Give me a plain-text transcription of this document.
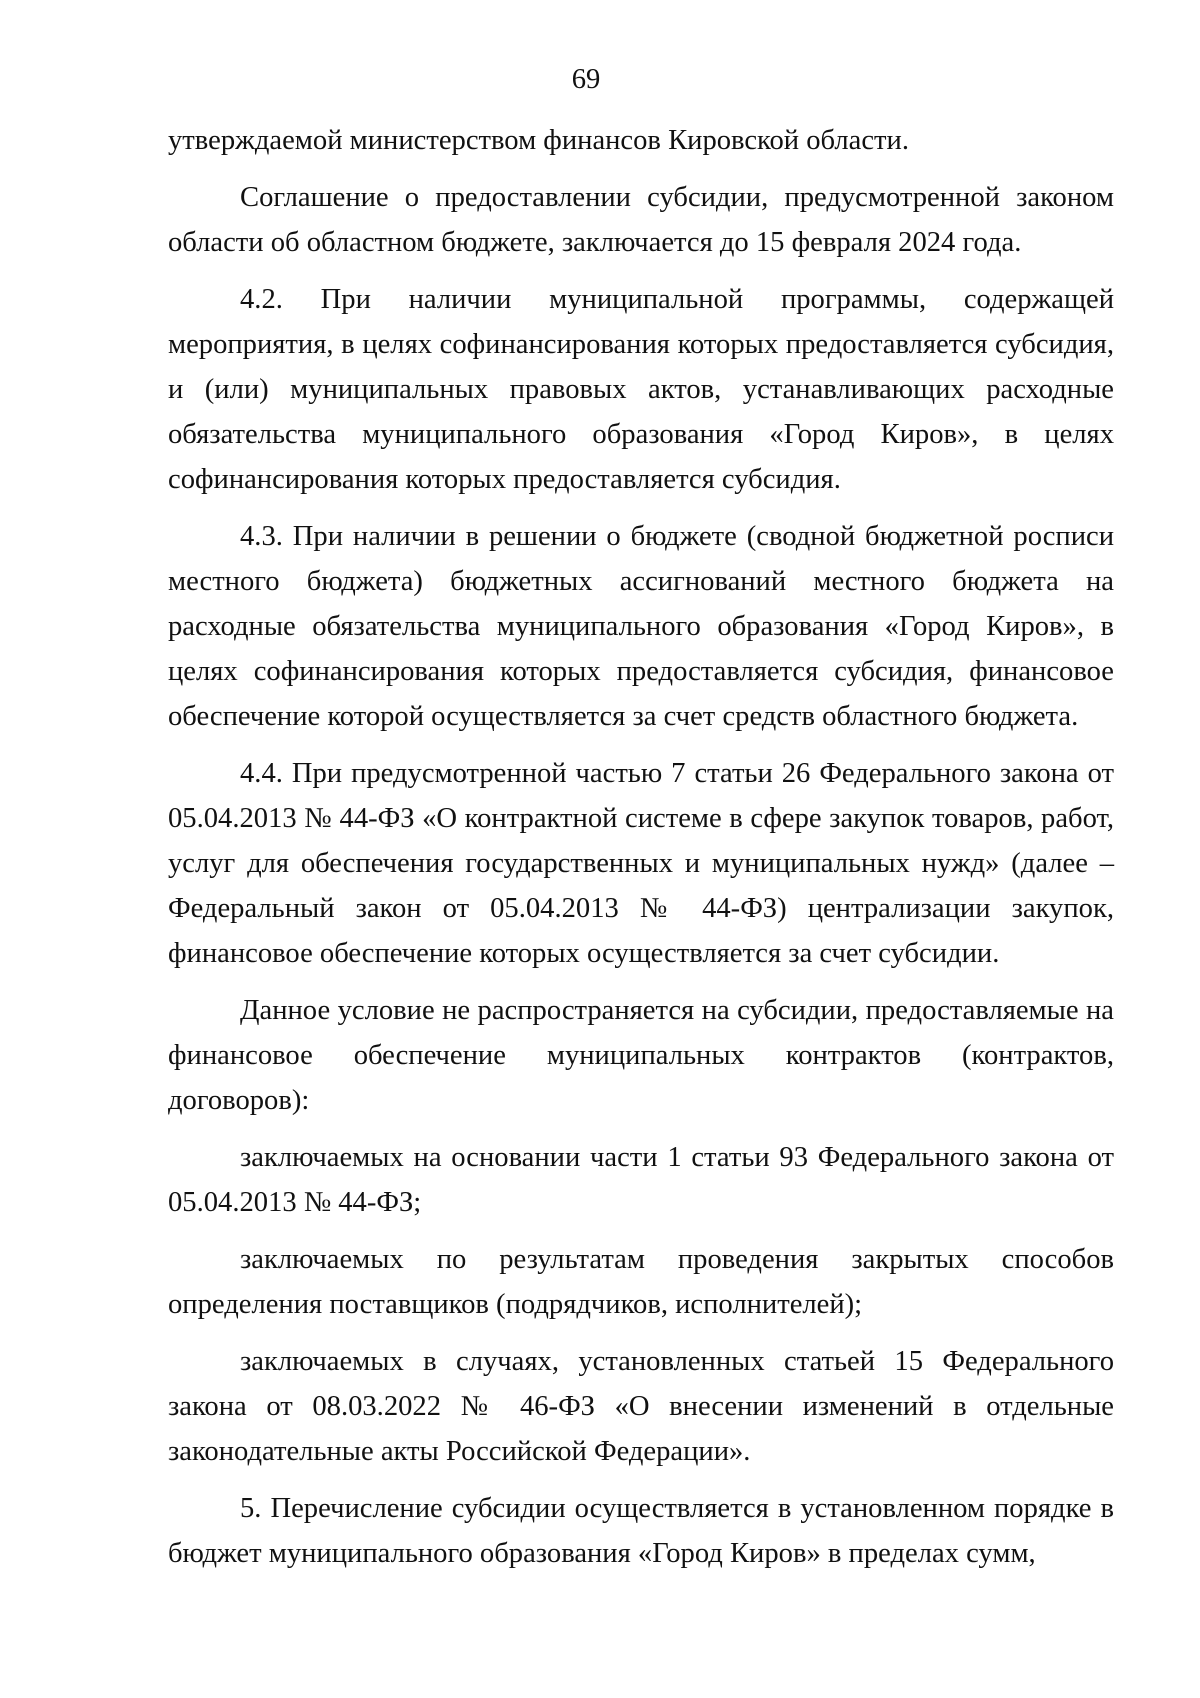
69

утверждаемой министерством финансов Кировской области.

Соглашение о предоставлении субсидии, предусмотренной законом области об областном бюджете, заключается до 15 февраля 2024 года.

4.2. При наличии муниципальной программы, содержащей мероприятия, в целях софинансирования которых предоставляется субсидия, и (или) муниципальных правовых актов, устанавливающих расходные обязательства муниципального образования «Город Киров», в целях софинансирования которых предоставляется субсидия.

4.3. При наличии в решении о бюджете (сводной бюджетной росписи местного бюджета) бюджетных ассигнований местного бюджета на расходные обязательства муниципального образования «Город Киров», в целях софинансирования которых предоставляется субсидия, финансовое обеспечение которой осуществляется за счет средств областного бюджета.

4.4. При предусмотренной частью 7 статьи 26 Федерального закона от 05.04.2013 № 44-ФЗ «О контрактной системе в сфере закупок товаров, работ, услуг для обеспечения государственных и муниципальных нужд» (далее – Федеральный закон от 05.04.2013 № 44-ФЗ) централизации закупок, финансовое обеспечение которых осуществляется за счет субсидии.

Данное условие не распространяется на субсидии, предоставляемые на финансовое обеспечение муниципальных контрактов (контрактов, договоров):

заключаемых на основании части 1 статьи 93 Федерального закона от 05.04.2013 № 44-ФЗ;

заключаемых по результатам проведения закрытых способов определения поставщиков (подрядчиков, исполнителей);

заключаемых в случаях, установленных статьей 15 Федерального закона от 08.03.2022 № 46-ФЗ «О внесении изменений в отдельные законодательные акты Российской Федерации».

5. Перечисление субсидии осуществляется в установленном порядке в бюджет муниципального образования «Город Киров» в пределах сумм,
